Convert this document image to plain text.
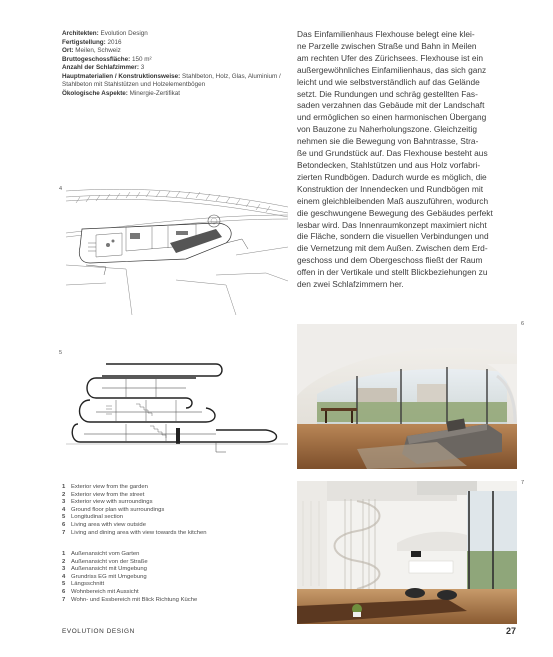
Architekten: Evolution Design
Fertigstellung: 2016
Ort: Meilen, Schweiz
Bruttogeschossfläche: 150 m²
Anzahl der Schlafzimmer: 3
Hauptmaterialien / Konstruktionsweise: Stahlbeton, Holz, Glas, Aluminium / Stahlbeton mit Stahlstützen und Holzelementbögen
Ökologische Aspekte: Minergie-Zertifikat
Das Einfamilienhaus Flexhouse belegt eine klei-
ne Parzelle zwischen Straße und Bahn in Meilen
am rechten Ufer des Zürichsees. Flexhouse ist ein
außergewöhnliches Einfamilienhaus, das sich ganz
leicht und wie selbstverständlich auf das Gelände
setzt. Die Rundungen und schräg gestellten Fas-
saden verzahnen das Gebäude mit der Landschaft
und ermöglichen so einen harmonischen Übergang
von Bauzone zu Naherholungszone. Gleichzeitig
nehmen sie die Bewegung von Bahntrasse, Stra-
ße und Grundstück auf. Das Flexhouse besteht aus
Betondecken, Stahlstützen und aus Holz vorfabri-
zierten Rundbögen. Dadurch wurde es möglich, die
Konstruktion der Innendecken und Rundbögen mit
einem gleichbleibenden Maß auszuführen, wodurch
die geschwungene Bewegung des Gebäudes perfekt
lesbar wird. Das Innenraumkonzept maximiert nicht
die Fläche, sondern die visuellen Verbindungen und
die Vernetzung mit dem Außen. Zwischen dem Erd-
geschoss und dem Obergeschoss fließt der Raum
offen in der Vertikale und stellt Blickbeziehungen zu
den zwei Schlafzimmern her.
4
5
1 Exterior view from the garden
2 Exterior view from the street
3 Exterior view with surroundings
4 Ground floor plan with surroundings
5 Longitudinal section
6 Living area with view outside
7 Living and dining area with view towards the kitchen
1 Außenansicht vom Garten
2 Außenansicht von der Straße
3 Außenansicht mit Umgebung
4 Grundriss EG mit Umgebung
5 Längsschnitt
6 Wohnbereich mit Aussicht
7 Wohn- und Essbereich mit Blick Richtung Küche
6
7
EVOLUTION DESIGN	27
